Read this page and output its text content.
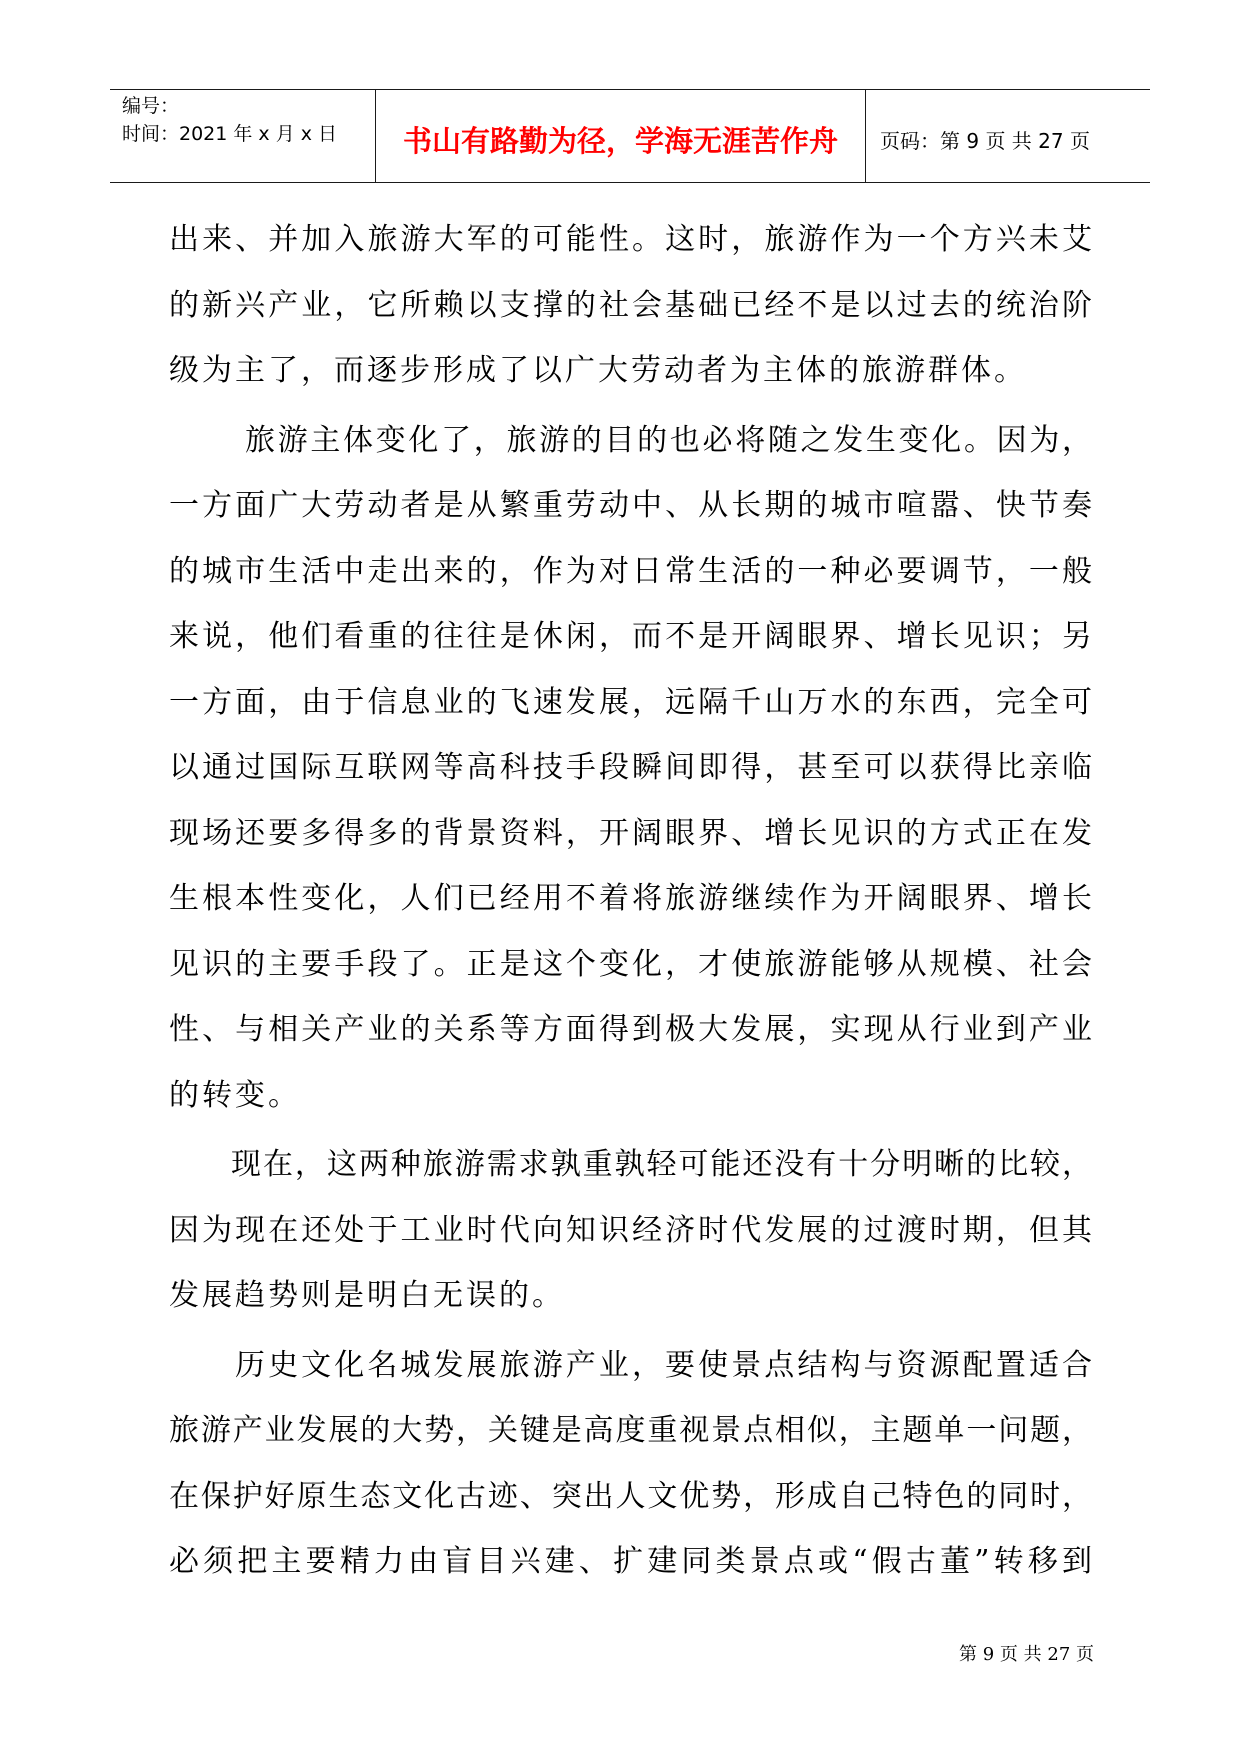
编号：
时间：2021 年 x 月 x 日	书山有路勤为径，学海无涯苦作舟 页码：第 9 页 共 27 页
出来、并加入旅游大军的可能性。这时，旅游作为一个方兴未艾
的新兴产业，它所赖以支撑的社会基础已经不是以过去的统治阶
级为主了，而逐步形成了以广大劳动者为主体的旅游群体。
旅游主体变化了，旅游的目的也必将随之发生变化。因为，
一方面广大劳动者是从繁重劳动中、从长期的城市喧嚣、快节奏
的城市生活中走出来的，作为对日常生活的一种必要调节，一般
来说，他们看重的往往是休闲，而不是开阔眼界、增长见识；另
一方面，由于信息业的飞速发展，远隔千山万水的东西，完全可
以通过国际互联网等高科技手段瞬间即得，甚至可以获得比亲临
现场还要多得多的背景资料，开阔眼界、增长见识的方式正在发
生根本性变化，人们已经用不着将旅游继续作为开阔眼界、增长
见识的主要手段了。正是这个变化，才使旅游能够从规模、社会
性、与相关产业的关系等方面得到极大发展，实现从行业到产业
的转变。
现在，这两种旅游需求孰重孰轻可能还没有十分明晰的比较，
因为现在还处于工业时代向知识经济时代发展的过渡时期，但其
发展趋势则是明白无误的。
历史文化名城发展旅游产业，要使景点结构与资源配置适合
旅游产业发展的大势，关键是高度重视景点相似，主题单一问题，
在保护好原生态文化古迹、突出人文优势，形成自己特色的同时，
必须把主要精力由盲目兴建、扩建同类景点或“假古董”转移到
第 9 页 共 27 页
